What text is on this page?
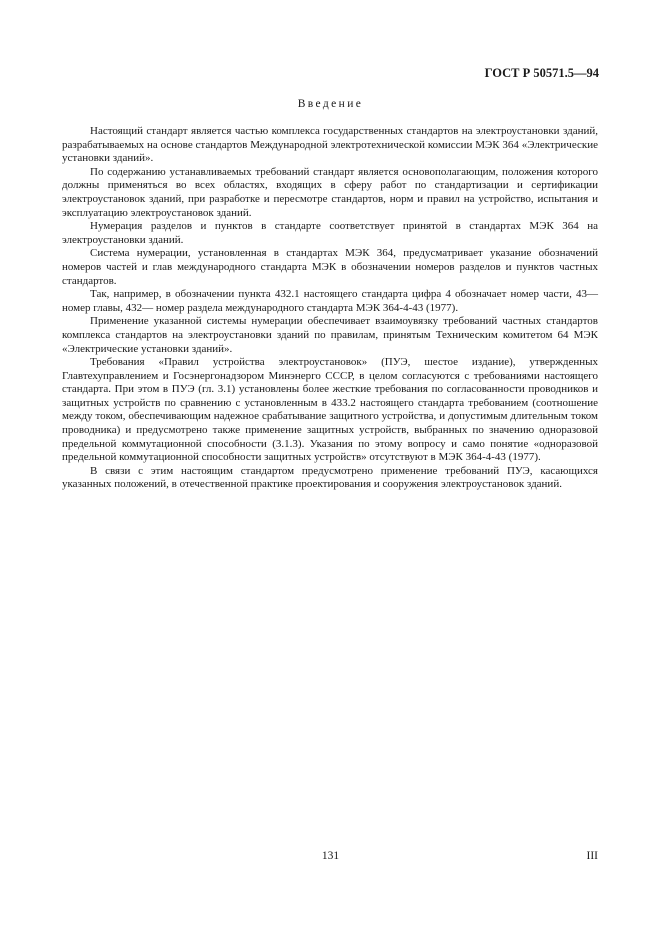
ГОСТ Р 50571.5—94
Введение

Настоящий стандарт является частью комплекса государственных стандартов на электроустановки зданий, разрабатываемых на основе стандартов Международной электротехнической комиссии МЭК 364 «Электрические установки зданий».

По содержанию устанавливаемых требований стандарт является основополагающим, положения которого должны применяться во всех областях, входящих в сферу работ по стандартизации и сертификации электроустановок зданий, при разработке и пересмотре стандартов, норм и правил на устройство, испытания и эксплуатацию электроустановок зданий.

Нумерация разделов и пунктов в стандарте соответствует принятой в стандартах МЭК 364 на электроустановки зданий.

Система нумерации, установленная в стандартах МЭК 364, предусматривает указание обозначений номеров частей и глав международного стандарта МЭК в обозначении номеров разделов и пунктов частных стандартов.

Так, например, в обозначении пункта 432.1 настоящего стандарта цифра 4 обозначает номер части, 43— номер главы, 432— номер раздела международного стандарта МЭК 364-4-43 (1977).

Применение указанной системы нумерации обеспечивает взаимоувязку требований частных стандартов комплекса стандартов на электроустановки зданий по правилам, принятым Техническим комитетом 64 МЭК «Электрические установки зданий».

Требования «Правил устройства электроустановок» (ПУЭ, шестое издание), утвержденных Главтехуправлением и Госэнергонадзором Минэнерго СССР, в целом согласуются с требованиями настоящего стандарта. При этом в ПУЭ (гл. 3.1) установлены более жесткие требования по согласованности проводников и защитных устройств по сравнению с установленным в 433.2 настоящего стандарта требованием (соотношение между током, обеспечивающим надежное срабатывание защитного устройства, и допустимым длительным током проводника) и предусмотрено также применение защитных устройств, выбранных по значению одноразовой предельной коммутационной способности (3.1.3). Указания по этому вопросу и само понятие «одноразовой предельной коммутационной способности защитных устройств» отсутствуют в МЭК 364-4-43 (1977).

В связи с этим настоящим стандартом предусмотрено применение требований ПУЭ, касающихся указанных положений, в отечественной практике проектирования и сооружения электроустановок зданий.

131	III
